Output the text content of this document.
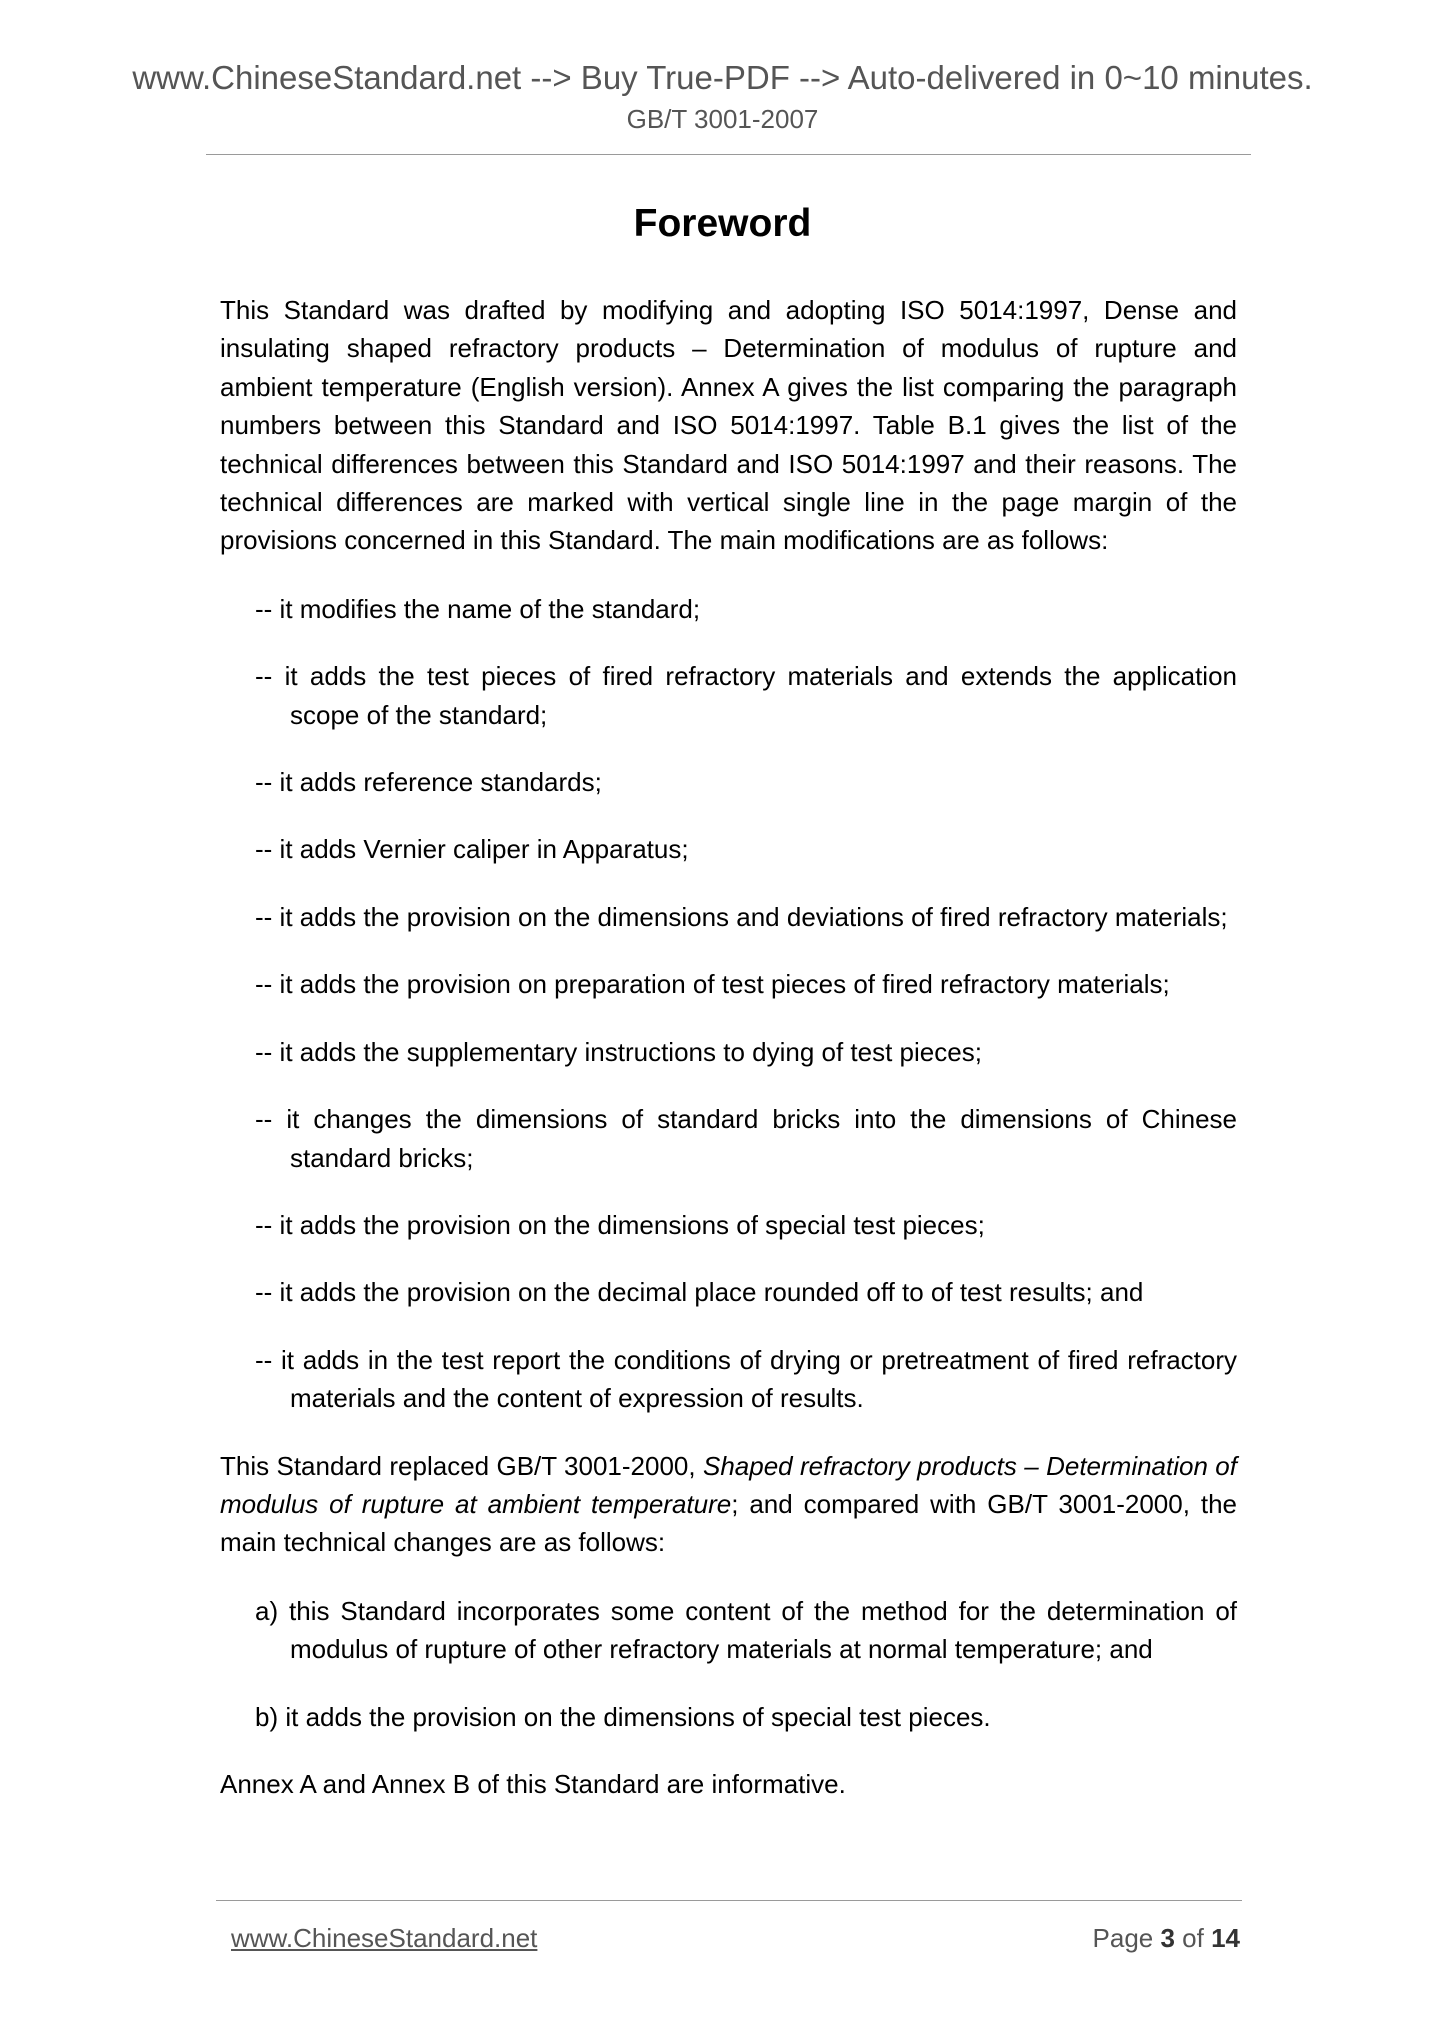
www.ChineseStandard.net --> Buy True-PDF --> Auto-delivered in 0~10 minutes.
GB/T 3001-2007
Foreword

This Standard was drafted by modifying and adopting ISO 5014:1997, Dense and insulating shaped refractory products – Determination of modulus of rupture and ambient temperature (English version). Annex A gives the list comparing the paragraph numbers between this Standard and ISO 5014:1997. Table B.1 gives the list of the technical differences between this Standard and ISO 5014:1997 and their reasons. The technical differences are marked with vertical single line in the page margin of the provisions concerned in this Standard. The main modifications are as follows:

-- it modifies the name of the standard;
-- it adds the test pieces of fired refractory materials and extends the application scope of the standard;
-- it adds reference standards;
-- it adds Vernier caliper in Apparatus;
-- it adds the provision on the dimensions and deviations of fired refractory materials;
-- it adds the provision on preparation of test pieces of fired refractory materials;
-- it adds the supplementary instructions to dying of test pieces;
-- it changes the dimensions of standard bricks into the dimensions of Chinese standard bricks;
-- it adds the provision on the dimensions of special test pieces;
-- it adds the provision on the decimal place rounded off to of test results; and
-- it adds in the test report the conditions of drying or pretreatment of fired refractory materials and the content of expression of results.

This Standard replaced GB/T 3001-2000, Shaped refractory products – Determination of modulus of rupture at ambient temperature; and compared with GB/T 3001-2000, the main technical changes are as follows:

a) this Standard incorporates some content of the method for the determination of modulus of rupture of other refractory materials at normal temperature; and
b) it adds the provision on the dimensions of special test pieces.

Annex A and Annex B of this Standard are informative.

www.ChineseStandard.net	Page 3 of 14
